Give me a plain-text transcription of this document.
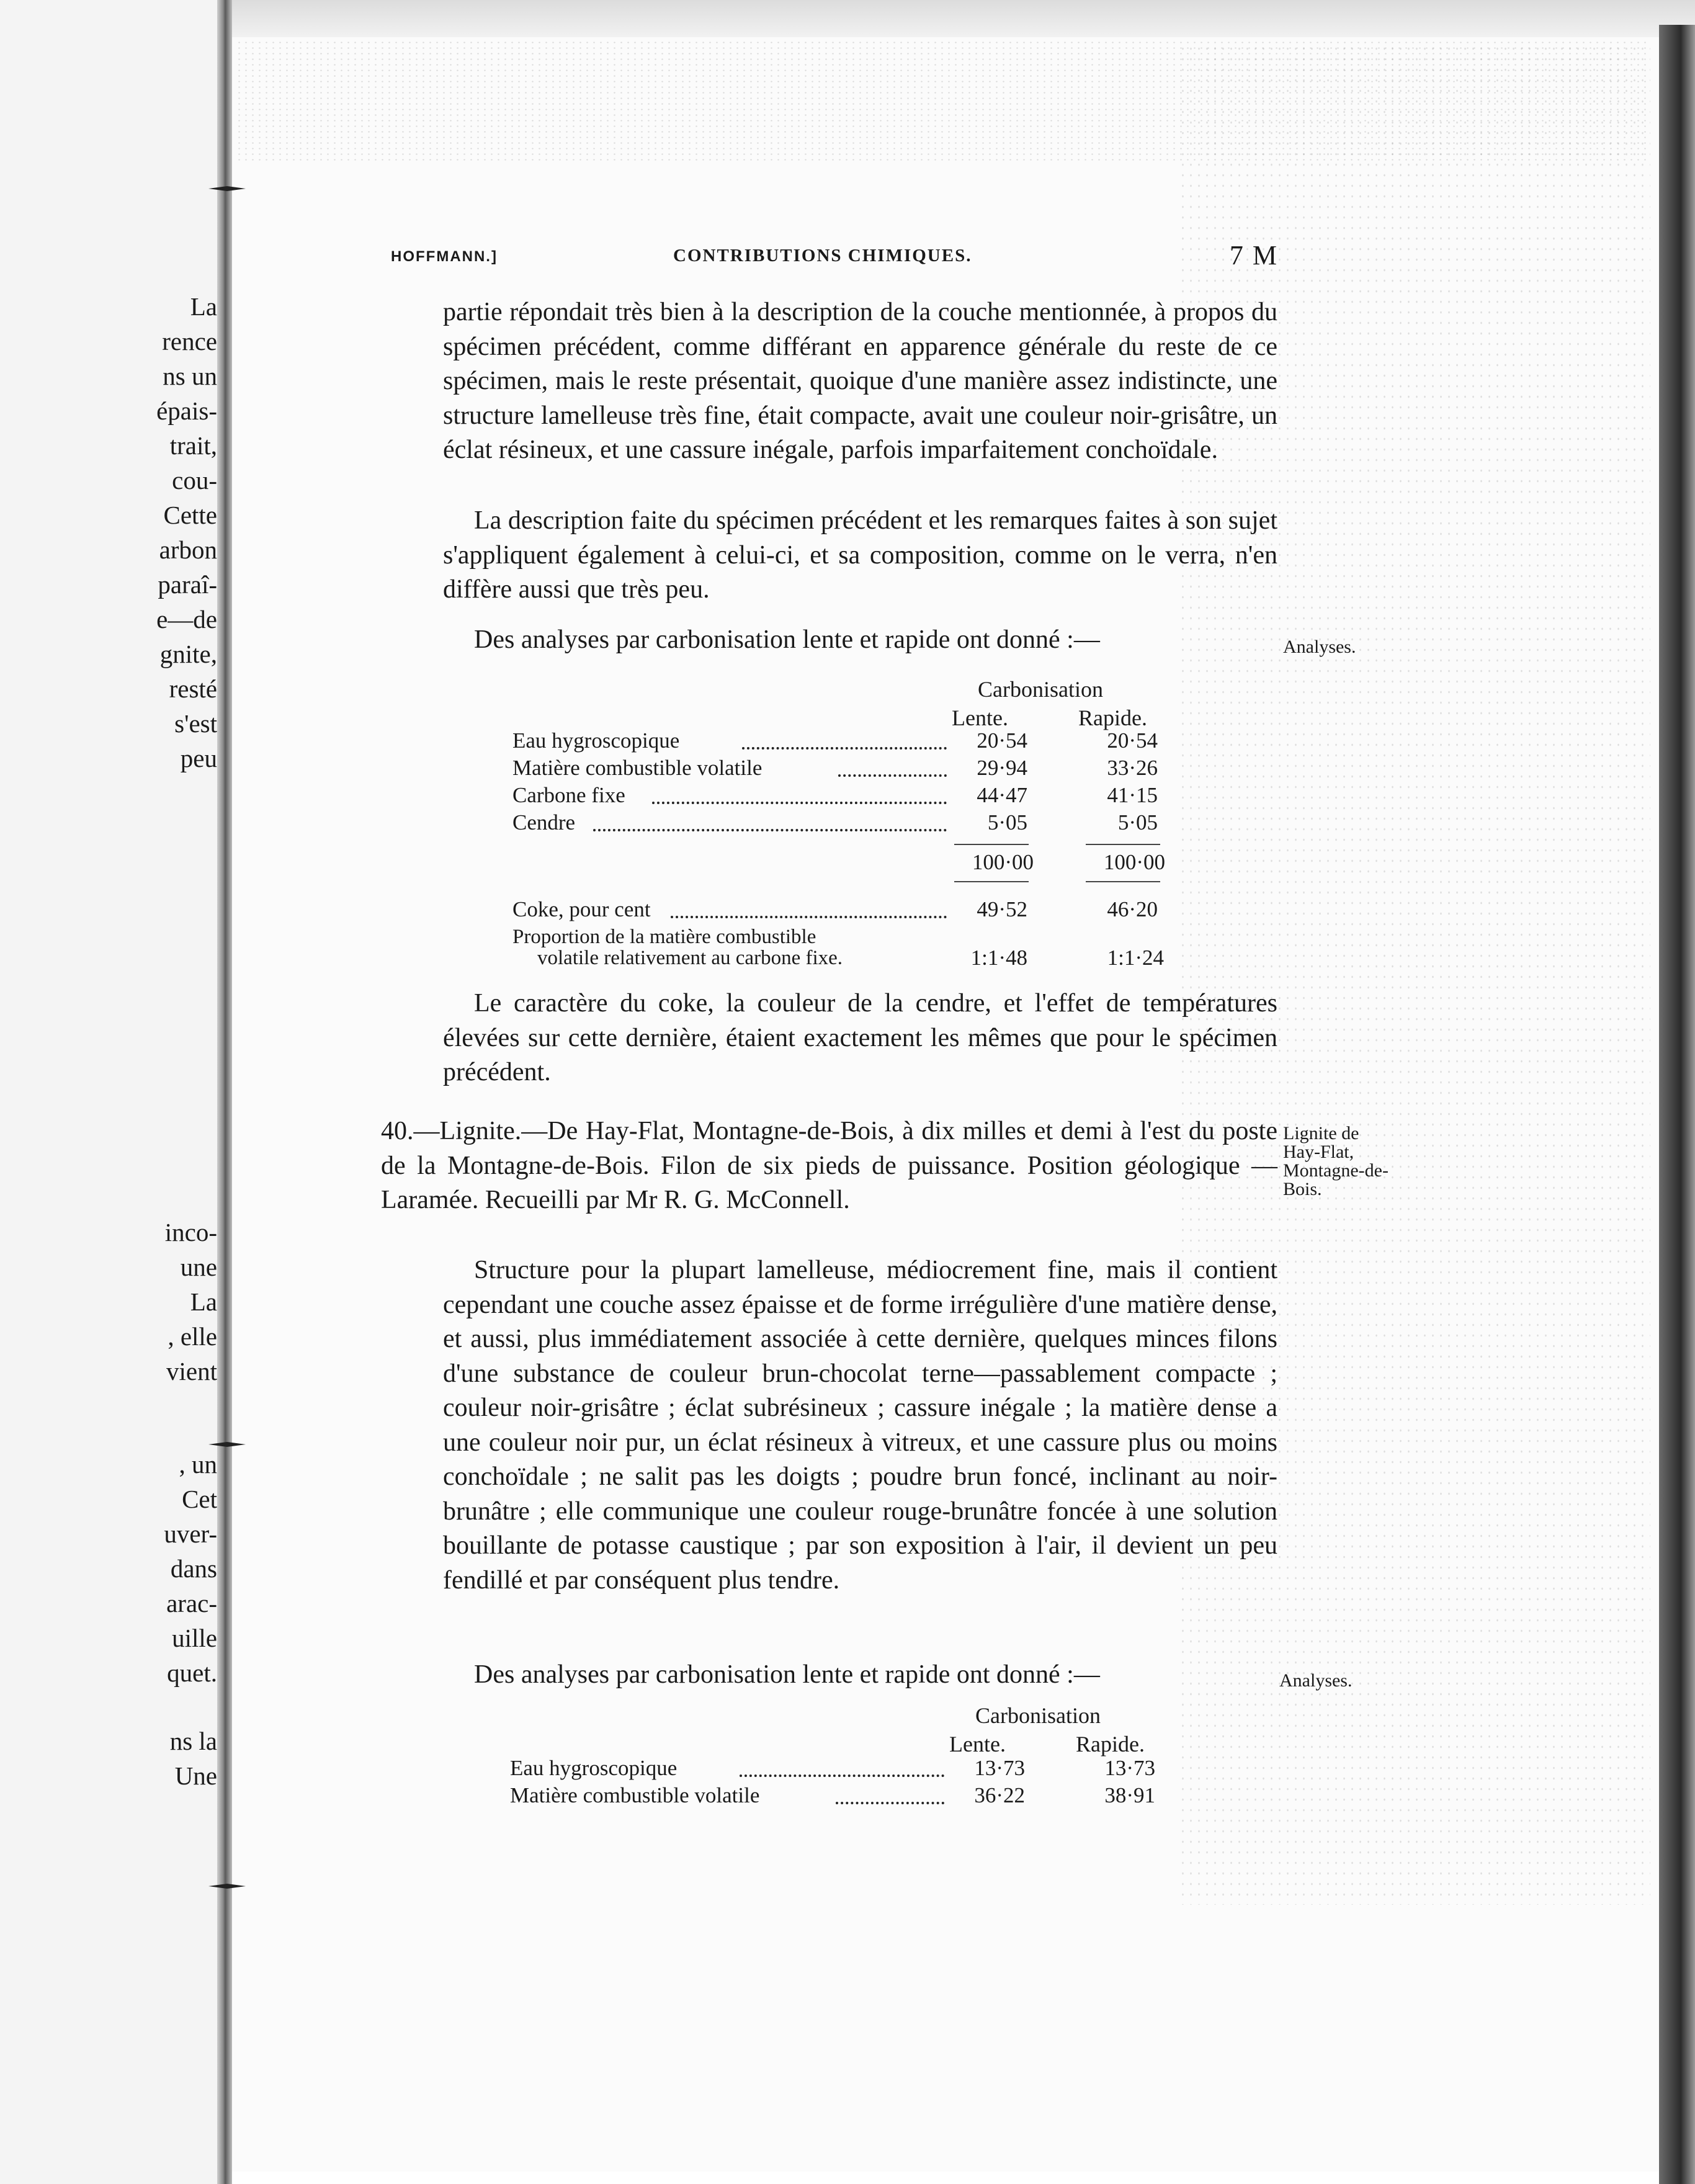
La
rence
ns un
épais-
trait,
cou-
Cette
arbon
paraî-
e—de
gnite,
resté
s'est
peu
inco-
une
La
, elle
vient
, un
Cet
uver-
dans
arac-
uille
quet.
ns la
Une
HOFFMANN.]	CONTRIBUTIONS CHIMIQUES.	7 M

partie répondait très bien à la description de la couche mentionnée, à propos du spécimen précédent, comme différant en apparence générale du reste de ce spécimen, mais le reste présentait, quoique d'une manière assez indistincte, une structure lamelleuse très fine, était compacte, avait une couleur noir-grisâtre, un éclat résineux, et une cassure inégale, parfois imparfaitement conchoïdale.

La description faite du spécimen précédent et les remarques faites à son sujet s'appliquent également à celui-ci, et sa composition, comme on le verra, n'en diffère aussi que très peu.

Des analyses par carbonisation lente et rapide ont donné :—	Analyses.
Carbonisation
Lente.	Rapide.
Eau hygroscopique	20·54	20·54
Matière combustible volatile	29·94	33·26
Carbone fixe	44·47	41·15
Cendre	5·05	5·05
100·00	100·00
Coke, pour cent	49·52	46·20
Proportion de la matière combustible
volatile relativement au carbone fixe.	1:1·48	1:1·24

Le caractère du coke, la couleur de la cendre, et l'effet de températures élevées sur cette dernière, étaient exactement les mêmes que pour le spécimen précédent.

40.—Lignite.—De Hay-Flat, Montagne-de-Bois, à dix milles et demi à l'est du poste de la Montagne-de-Bois. Filon de six pieds de puissance. Position géologique — Laramée. Recueilli par Mr R. G. McConnell.

Lignite de
Hay-Flat,
Montagne-de-
Bois.

Structure pour la plupart lamelleuse, médiocrement fine, mais il contient cependant une couche assez épaisse et de forme irrégulière d'une matière dense, et aussi, plus immédiatement associée à cette dernière, quelques minces filons d'une substance de couleur brun-chocolat terne—passablement compacte ; couleur noir-grisâtre ; éclat subrésineux ; cassure inégale ; la matière dense a une couleur noir pur, un éclat résineux à vitreux, et une cassure plus ou moins conchoïdale ; ne salit pas les doigts ; poudre brun foncé, inclinant au noir-brunâtre ; elle communique une couleur rouge-brunâtre foncée à une solution bouillante de potasse caustique ; par son exposition à l'air, il devient un peu fendillé et par conséquent plus tendre.

Des analyses par carbonisation lente et rapide ont donné :—	Analyses.
Carbonisation
Lente.	Rapide.
Eau hygroscopique	13·73	13·73
Matière combustible volatile	36·22	38·91
